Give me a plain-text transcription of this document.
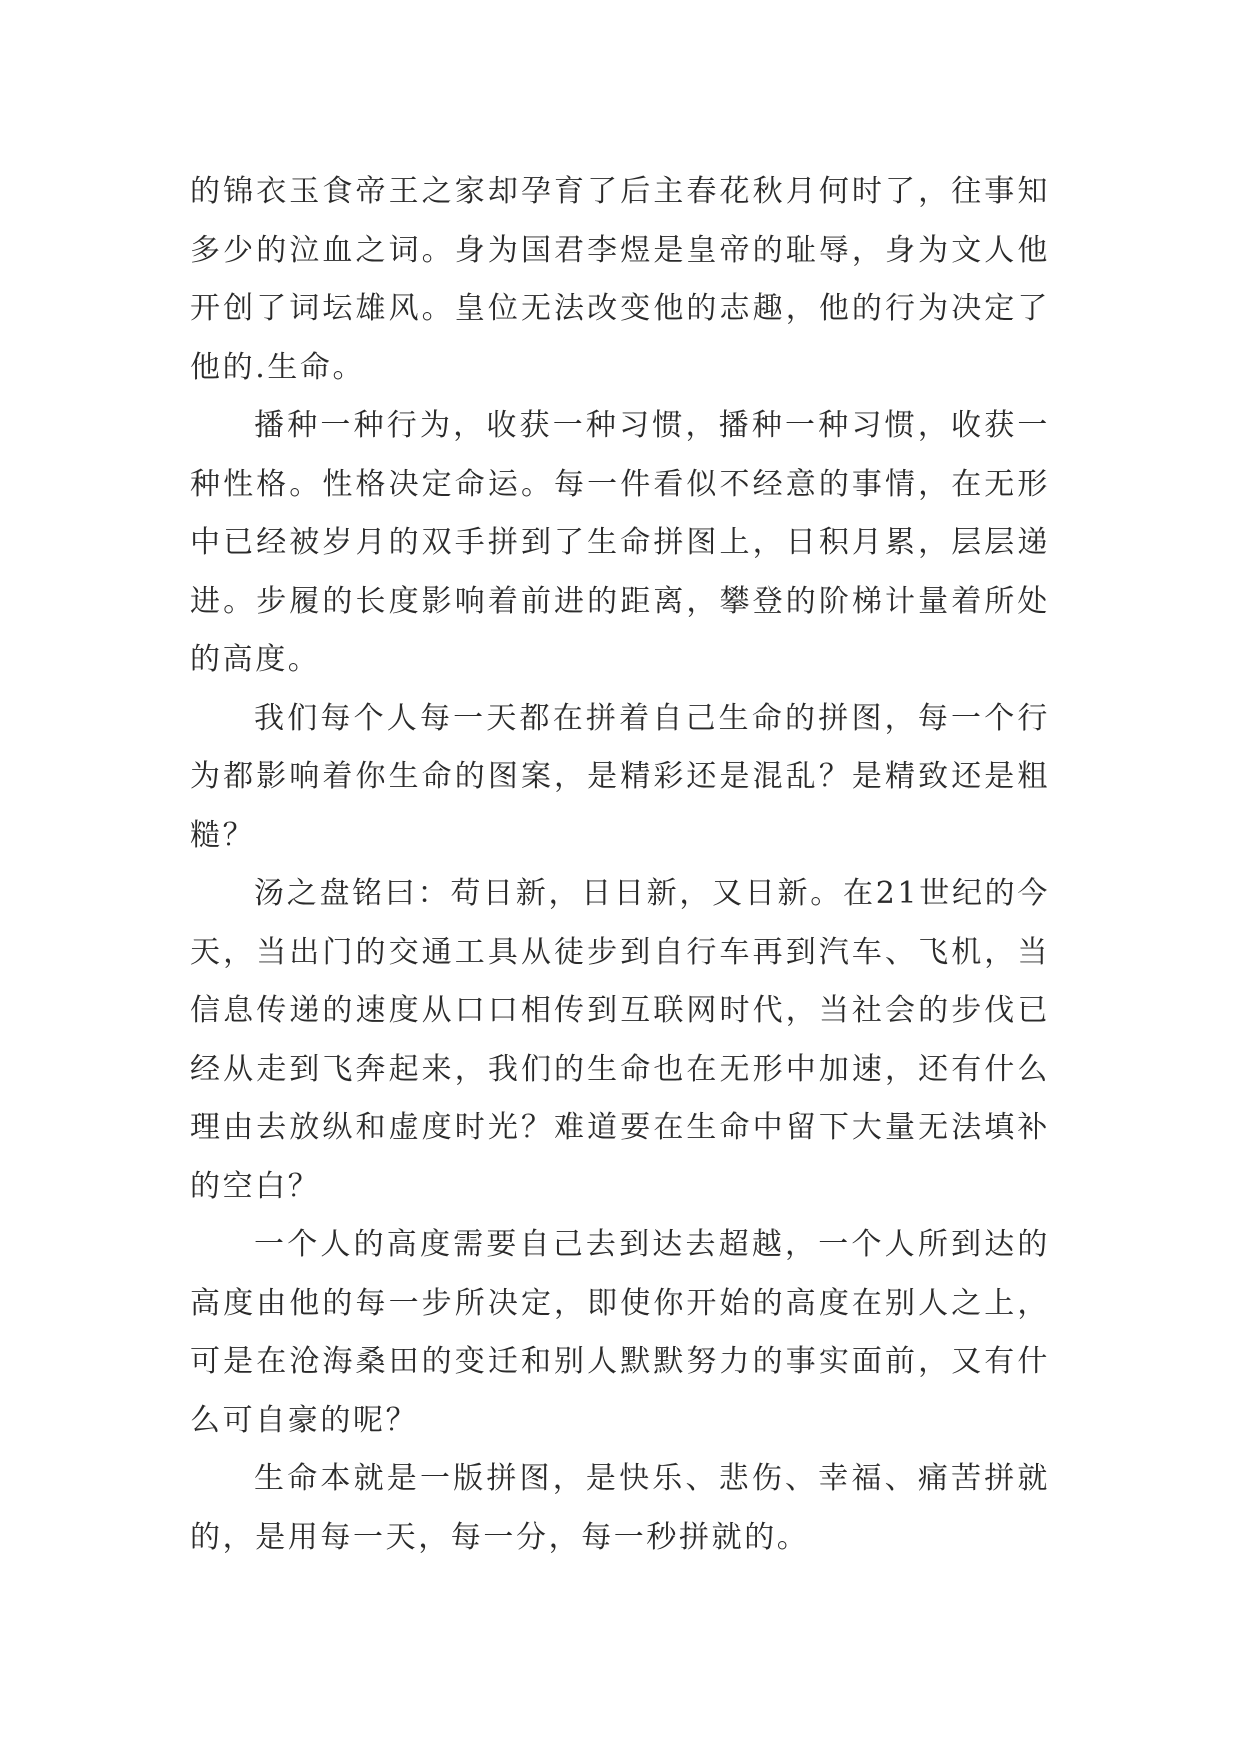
的锦衣玉食帝王之家却孕育了后主春花秋月何时了，往事知多少的泣血之词。身为国君李煜是皇帝的耻辱，身为文人他开创了词坛雄风。皇位无法改变他的志趣，他的行为决定了他的.生命。

播种一种行为，收获一种习惯，播种一种习惯，收获一种性格。性格决定命运。每一件看似不经意的事情，在无形中已经被岁月的双手拼到了生命拼图上，日积月累，层层递进。步履的长度影响着前进的距离，攀登的阶梯计量着所处的高度。

我们每个人每一天都在拼着自己生命的拼图，每一个行为都影响着你生命的图案，是精彩还是混乱？是精致还是粗糙？

汤之盘铭曰：苟日新，日日新，又日新。在21世纪的今天，当出门的交通工具从徒步到自行车再到汽车、飞机，当信息传递的速度从口口相传到互联网时代，当社会的步伐已经从走到飞奔起来，我们的生命也在无形中加速，还有什么理由去放纵和虚度时光？难道要在生命中留下大量无法填补的空白？

一个人的高度需要自己去到达去超越，一个人所到达的高度由他的每一步所决定，即使你开始的高度在别人之上，可是在沧海桑田的变迁和别人默默努力的事实面前，又有什么可自豪的呢？

生命本就是一版拼图，是快乐、悲伤、幸福、痛苦拼就的，是用每一天，每一分，每一秒拼就的。
